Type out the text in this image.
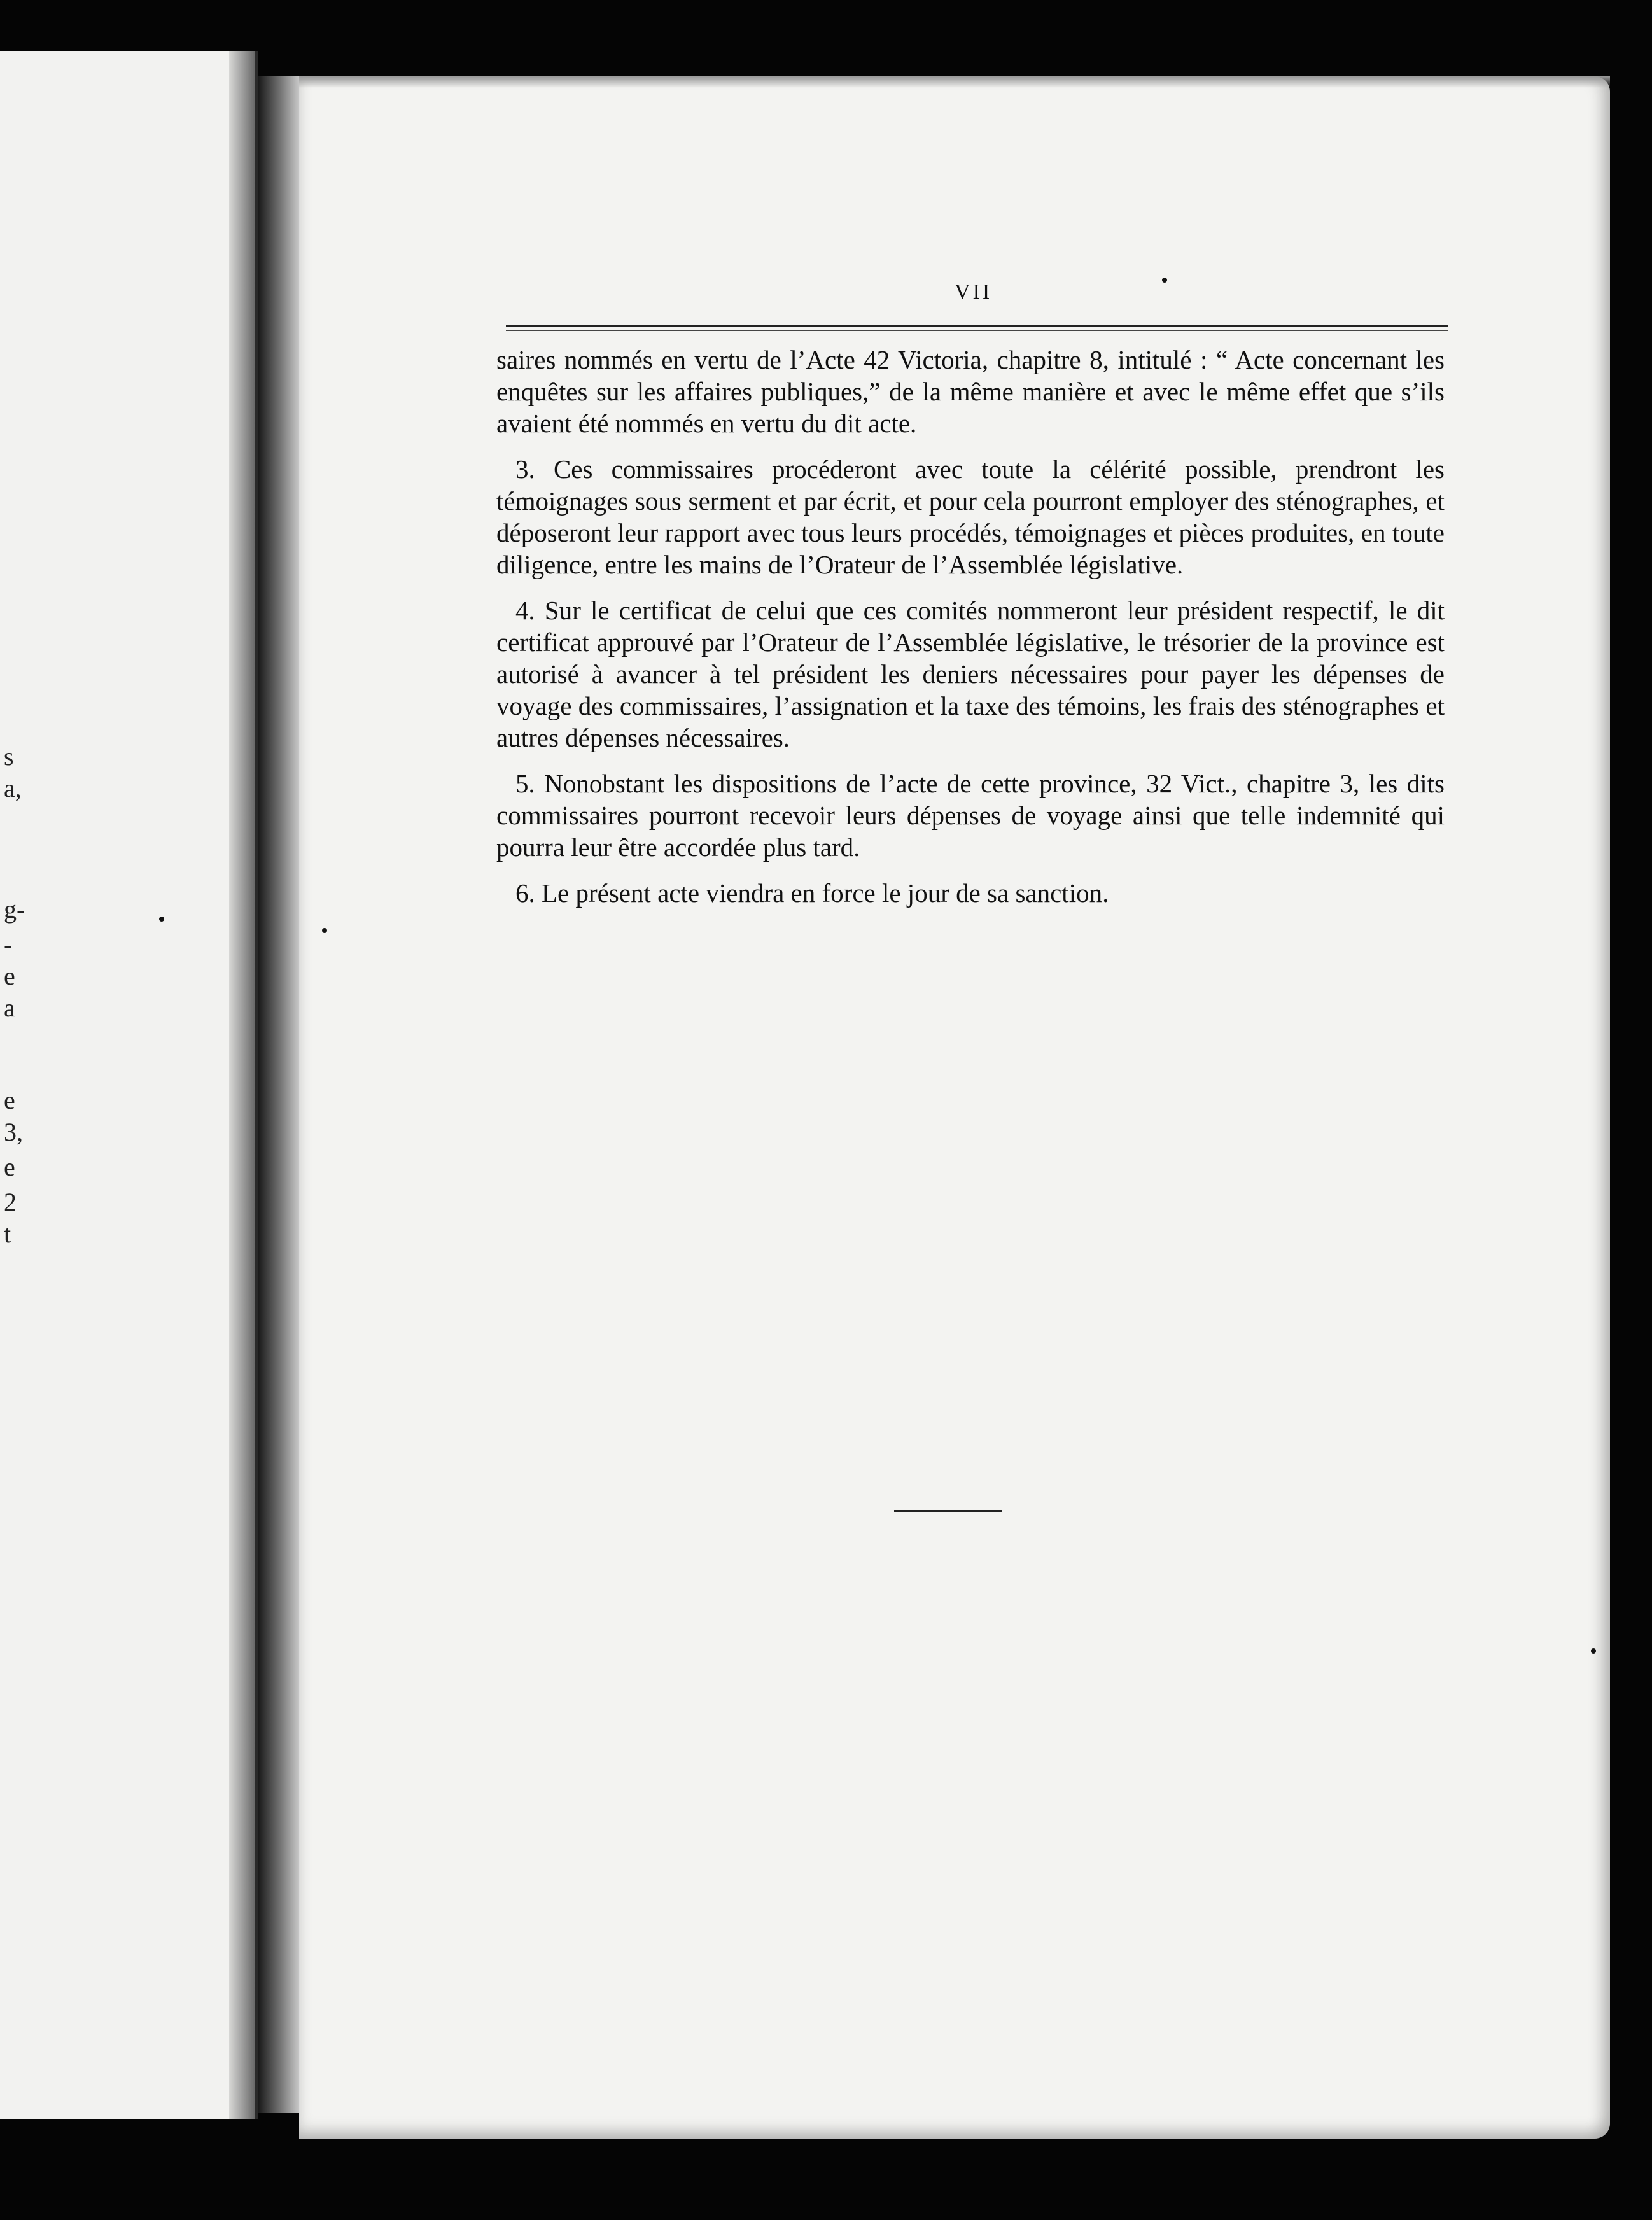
s
a,
g-
-
e
a
e
3,
e
2
t
VII

saires nommés en vertu de l’Acte 42 Victoria, chapitre 8, intitulé : “ Acte concernant les enquêtes sur les affaires publiques,” de la même manière et avec le même effet que s’ils avaient été nommés en vertu du dit acte.

3. Ces commissaires procéderont avec toute la célérité possible, prendront les témoignages sous serment et par écrit, et pour cela pourront employer des sténographes, et déposeront leur rapport avec tous leurs procédés, témoignages et pièces produites, en toute diligence, entre les mains de l’Orateur de l’Assemblée législative.

4. Sur le certificat de celui que ces comités nommeront leur président respectif, le dit certificat approuvé par l’Orateur de l’Assemblée législative, le trésorier de la province est autorisé à avancer à tel président les deniers nécessaires pour payer les dépenses de voyage des commissaires, l’assignation et la taxe des témoins, les frais des sténographes et autres dépenses nécessaires.

5. Nonobstant les dispositions de l’acte de cette province, 32 Vict., chapitre 3, les dits commissaires pourront recevoir leurs dépenses de voyage ainsi que telle indemnité qui pourra leur être accordée plus tard.

6. Le présent acte viendra en force le jour de sa sanction.
